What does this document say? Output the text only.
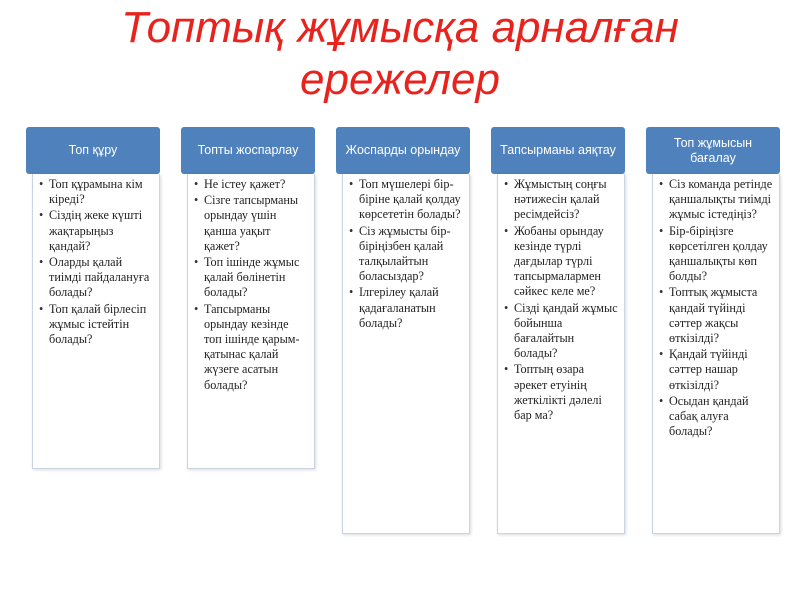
Топтық жұмысқа арналған
ережелер
Топ құру
• Топ құрамына кім кіреді?
• Сіздің жеке күшті жақтарыңыз қандай?
• Оларды қалай тиімді пайдалануға болады?
• Топ қалай бірлесіп жұмыс істейтін болады?
Топты жоспарлау
• Не істеу қажет?
• Сізге тапсырманы орындау үшін қанша уақыт қажет?
• Топ ішінде жұмыс қалай бөлінетін болады?
• Тапсырманы орындау кезінде топ ішінде қарым-қатынас қалай жүзеге асатын болады?
Жоспарды орындау
• Топ мүшелері бір-біріне қалай қолдау көрсететін болады?
• Сіз жұмысты бір-біріңізбен қалай талқылайтын боласыздар?
• Ілгерілеу қалай қадағаланатын болады?
Тапсырманы аяқтау
• Жұмыстың соңғы нәтижесін қалай ресімдейсіз?
• Жобаны орындау кезінде түрлі дағдылар түрлі тапсырмалармен сәйкес келе ме?
• Сізді қандай жұмыс бойынша бағалайтын болады?
• Топтың өзара әрекет етуінің жеткілікті дәлелі бар ма?
Топ жұмысын бағалау
• Сіз команда ретінде қаншалықты тиімді жұмыс істедіңіз?
• Бір-біріңізге көрсетілген қолдау қаншалықты көп болды?
• Топтық жұмыста қандай түйінді сәттер жақсы өткізілді?
• Қандай түйінді сәттер нашар өткізілді?
• Осыдан қандай сабақ алуға болады?
